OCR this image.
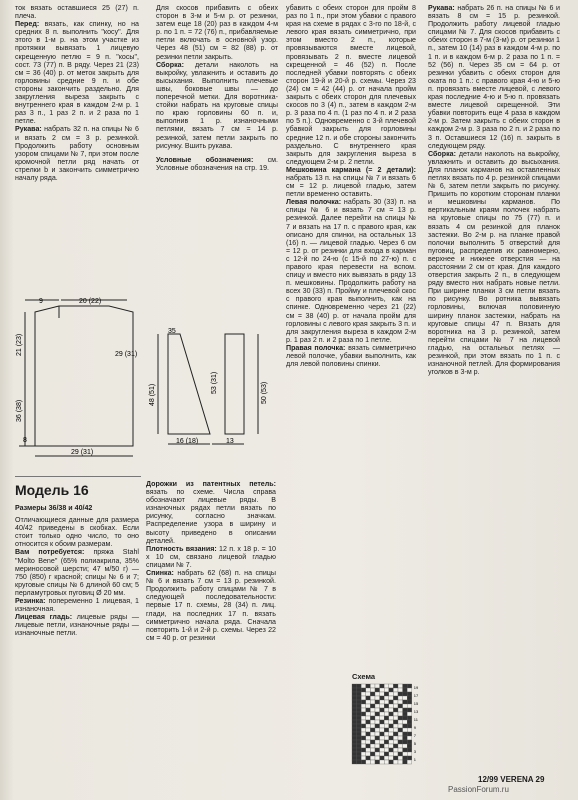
ток вязать оставшиеся 25 (27) п. плеча.

Перед: вязать, как спинку, но на средних 8 п. выполнить "косу". Для этого в 1-м р. на этом участке из протяжки вывязать 1 лицевую скрещенную петлю = 9 п. "косы", сост. 73 (77) п. В ряду. Через 21 (23) см = 36 (40) р. от меток закрыть для горловины средние 9 п. и обе стороны закончить раздельно. Для закругления выреза закрыть с внутреннего края в каждом 2-м р. 1 раз 3 п., 1 раз 2 п. и 2 раза по 1 петле.

Рукава: набрать 32 п. на спицы № 6 и вязать 2 см = 3 р. резинкой. Продолжить работу основным узором спицами № 7, при этом после кромочной петли ряд начать от стрелки b и закончить симметрично началу ряда.

Для скосов прибавить с обеих сторон в 3-м и 5-м р. от резинки, затем еще 18 (20) раз в каждом 4-м р. по 1 п. = 72 (76) п., прибавляемые петли включать в основной узор. Через 48 (51) см = 82 (88) р. от резинки петли закрыть.

Сборка: детали наколоть на выкройку, увлажнить и оставить до высыхания. Выполнить плечевые швы, боковые швы — до поперечной метки. Для воротника-стойки набрать на круговые спицы по краю горловины 60 п. и, выполнив 1 р. изнаночными петлями, вязать 7 см = 14 р. резинкой, затем петли закрыть по рисунку. Вшить рукава.

Условные обозначения: см. Условные обозначения на стр. 19.

убавить с обеих сторон для пройм 8 раз по 1 п., при этом убавки с правого края на схеме в рядах с 3-го по 18-й, с левого края вязать симметрично, при этом вместо 2 п., которые провязываются вместе лицевой, провязывать 2 п. вместе лицевой скрещенной = 46 (52) п. После последней убавки повторять с обеих сторон 19-й и 20-й р. схемы. Через 23 (24) см = 42 (44) р. от начала пройм закрыть с обеих сторон для плечевых скосов по 3 (4) п., затем в каждом 2-м р. 3 раза по 4 п. (1 раз по 4 п. и 2 раза по 5 п.). Одновременно с 3-й плечевой убавкой закрыть для горловины средние 12 п. и обе стороны закончить раздельно. С внутреннего края закрыть для закругления выреза в следующем 2-м р. 2 петли.

Мешковина кармана (= 2 детали): набрать 13 п. на спицы № 7 и вязать 6 см = 12 р. лицевой гладью, затем петли временно оставить.

Левая полочка: набрать 30 (33) п. на спицы № 6 и вязать 7 см = 13 р. резинкой. Далее перейти на спицы № 7 и вязать на 17 п. с правого края, как описано для спинки, на остальных 13 (16) п. — лицевой гладью. Через 6 см = 12 р. от резинки для входа в карман с 12-й по 24-ю (с 15-й по 27-ю) п. с правого края перевести на вспом. спицу и вместо них вывязать в ряду 13 п. мешковины. Продолжить работу на всех 30 (33) п. Пройму и плечевой скос с правого края выполнить, как на спинке. Одновременно через 21 (22) см = 38 (40) р. от начала пройм для горловины с левого края закрыть 3 п. и для закругления выреза в каждом 2-м р. 1 раз 2 п. и 2 раза по 1 петле.

Правая полочка: вязать симметрично левой полочке, убавки выполнить, как для левой половины спинки.

Рукава: набрать 26 п. на спицы № 6 и вязать 8 см = 15 р. резинкой. Продолжить работу лицевой гладью спицами № 7. Для скосов прибавить с обеих сторон в 7-м (3-м) р. от резинки 1 п., затем 10 (14) раз в каждом 4-м р. по 1 п. и в каждом 6-м р. 2 раза по 1 п. = 52 (56) п. Через 35 см = 64 р. от резинки убавить с обеих сторон для оката по 1 п.: с правого края 4-ю и 5-ю п. провязать вместе лицевой, с левого края последние 4-ю и 5-ю п. провязать вместе лицевой скрещенной. Эти убавки повторить еще 4 раза в каждом 2-м р. Затем закрыть с обеих сторон в каждом 2-м р. 3 раза по 2 п. и 2 раза по 3 п. Оставшиеся 12 (16) п. закрыть в следующем ряду.

Сборка: детали наколоть на выкройку, увлажнить и оставить до высыхания. Для планок карманов на оставленных петлях вязать по 4 р. резинкой спицами № 6, затем петли закрыть по рисунку. Пришить по коротким сторонам планки и мешковины карманов. По вертикальным краям полочек набрать на круговые спицы по 75 (77) п. и вязать 4 см резинкой для планок застежки. Во 2-м р. на планке правой полочки выполнить 5 отверстий для пуговиц, распределив их равномерно, верхнее и нижнее отверстия — на расстоянии 2 см от края. Для каждого отверстия закрыть 2 п., в следующем ряду вместо них набрать новые петли. При ширине планки 3 см петли вязать по рисунку. Во ротника вывязать горловины, включая половинную ширину планок застежки, набрать на круговые спицы 47 п. Вязать для воротника на 3 р. резинкой, затем перейти спицами № 7 на лицевой гладью, на остальных петлях — резинкой, при этом вязать по 1 п. с изнаночной петлей. Для формирования уголков в 3-м р.

9	20 (22)
21 (23)	29 (31)
36 (38)
8
29 (31)
35
48 (51)
53 (31)	50 (53)
16 (18)	13
Модель 16

Размеры 36/38 и 40/42

Отличающиеся данные для размера 40/42 приведены в скобках. Если стоит только одно число, то оно относится к обоим размерам.

Вам потребуется: пряжа Stahl "Molto Bene" (65% полиакрила, 35% мериносовой шерсти; 47 м/50 г) — 750 (850) г красной; спицы № 6 и 7; круговые спицы № 6 длиной 60 см; 5 перламутровых пуговиц Ø 20 мм.

Резинка: попеременно 1 лицевая, 1 изнаночная.

Лицевая гладь: лицевые ряды — лицевые петли, изнаночные ряды — изнаночные петли.

Дорожки из патентных петель: вязать по схеме. Числа справа обозначают лицевые ряды. В изнаночных рядах петли вязать по рисунку, согласно значкам. Распределение узора в ширину и высоту приведено в описании деталей.

Плотность вязания: 12 п. х 18 р. = 10 х 10 см, связано лицевой гладью спицами № 7.

Спинка: набрать 62 (68) п. на спицы № 6 и вязать 7 см = 13 р. резинкой. Продолжить работу спицами № 7 в следующей последовательности: первые 17 п. схемы, 28 (34) п. лиц. глади, на последних 17 п. вязать симметрично начала ряда. Сначала повторить 1-й и 2-й р. схемы. Через 22 см = 40 р. от резинки

Схема
19
17
15
13
11
9
7
5
3
1
12/99 VERENA 29
PassionForum.ru
